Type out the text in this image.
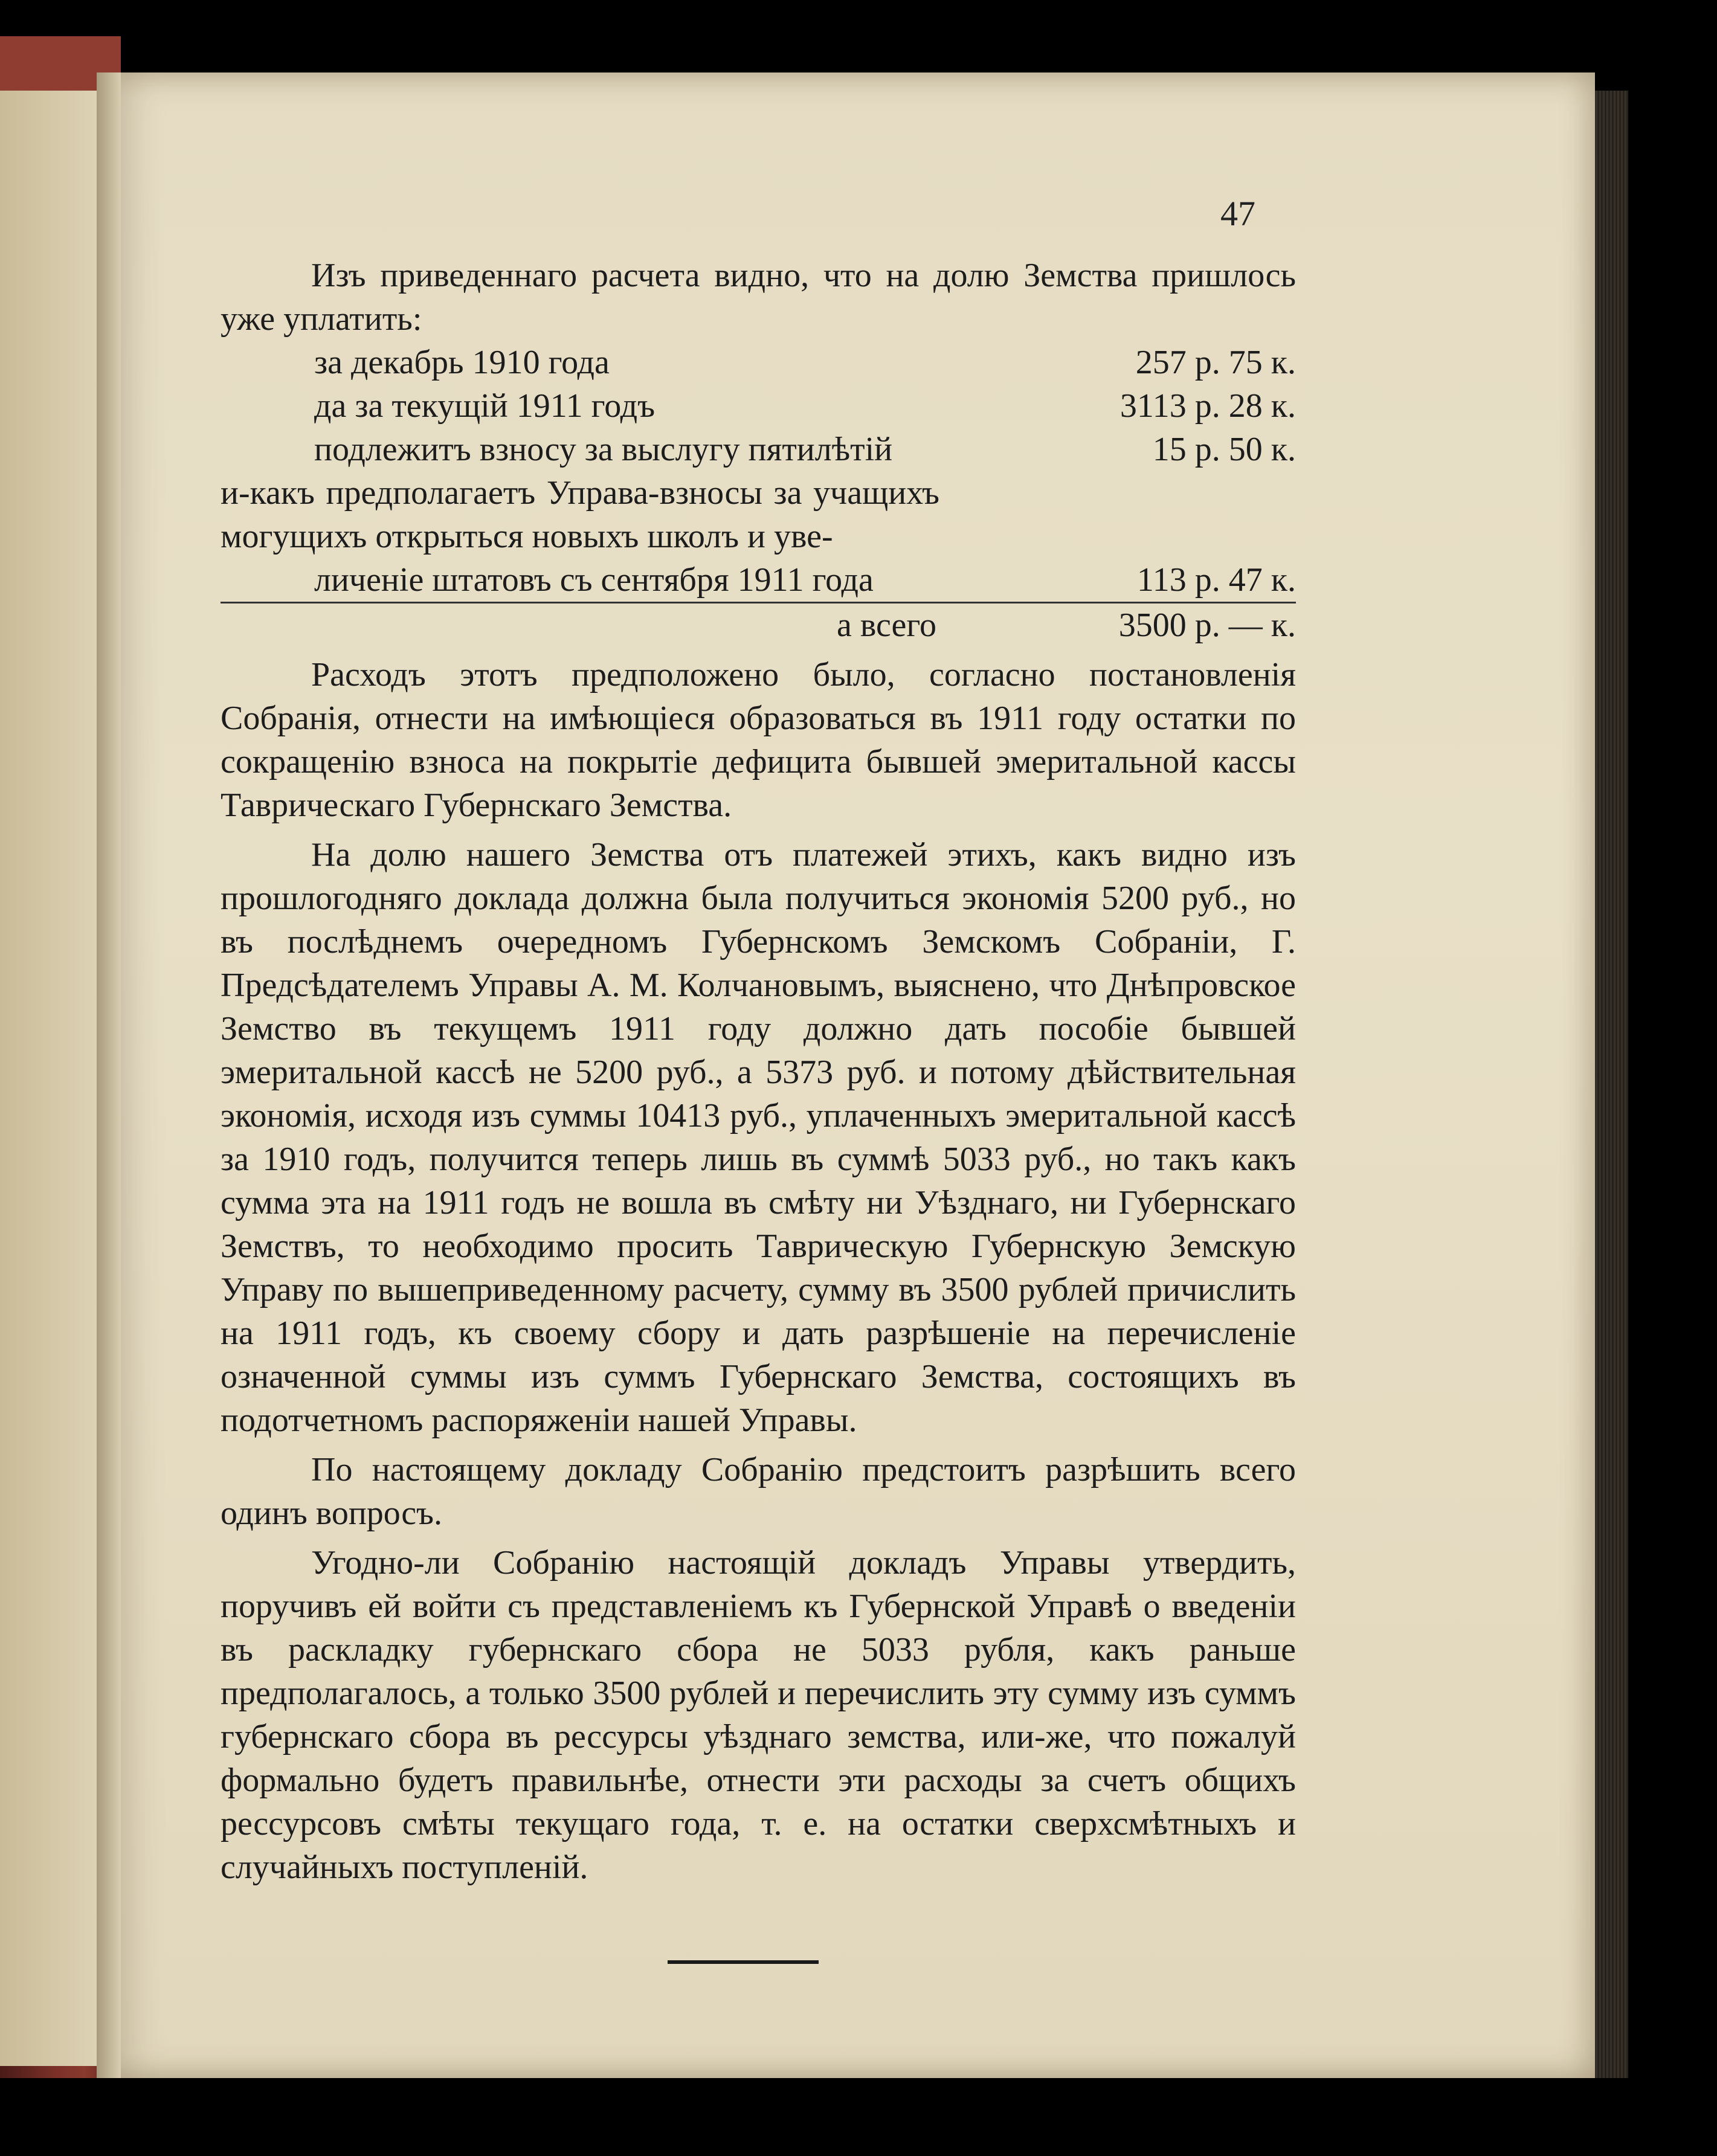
47

Изъ приведеннаго расчета видно, что на долю Земства пришлось уже уплатить:

за декабрь 1910 года	257 р. 75 к.
да за текущій 1911 годъ	3113 р. 28 к.
подлежитъ взносу за выслугу пятилѣтій	15 р. 50 к.

и-какъ предполагаетъ Управа-взносы за учащихъ могущихъ открыться новыхъ школъ и уве-

личеніе штатовъ съ сентября 1911 года	113 р. 47 к.
а всего	3500 р. — к.

Расходъ этотъ предположено было, согласно постановленія Собранія, отнести на имѣющіеся образоваться въ 1911 году остатки по сокращенію взноса на покрытіе дефицита бывшей эмеритальной кассы Таврическаго Губернскаго Земства.

На долю нашего Земства отъ платежей этихъ, какъ видно изъ прошлогодняго доклада должна была получиться экономія 5200 руб., но въ послѣднемъ очередномъ Губернскомъ Земскомъ Собраніи, Г. Предсѣдателемъ Управы А. М. Колчановымъ, выяснено, что Днѣпровское Земство въ текущемъ 1911 году должно дать пособіе бывшей эмеритальной кассѣ не 5200 руб., а 5373 руб. и потому дѣйствительная экономія, исходя изъ суммы 10413 руб., уплаченныхъ эмеритальной кассѣ за 1910 годъ, получится теперь лишь въ суммѣ 5033 руб., но такъ какъ сумма эта на 1911 годъ не вошла въ смѣту ни Уѣзднаго, ни Губернскаго Земствъ, то необходимо просить Таврическую Губернскую Земскую Управу по вышеприведенному расчету, сумму въ 3500 рублей причислить на 1911 годъ, къ своему сбору и дать разрѣшеніе на перечисленіе означенной суммы изъ суммъ Губернскаго Земства, состоящихъ въ подотчетномъ распоряженіи нашей Управы.

По настоящему докладу Собранію предстоитъ разрѣшить всего одинъ вопросъ.

Угодно-ли Собранію настоящій докладъ Управы утвердить, поручивъ ей войти съ представленіемъ къ Губернской Управѣ о введеніи въ раскладку губернскаго сбора не 5033 рубля, какъ раньше предполагалось, а только 3500 рублей и перечислить эту сумму изъ суммъ губернскаго сбора въ рессурсы уѣзднаго земства, или-же, что пожалуй формально будетъ правильнѣе, отнести эти расходы за счетъ общихъ рессурсовъ смѣты текущаго года, т. е. на остатки сверхсмѣтныхъ и случайныхъ поступленій.
